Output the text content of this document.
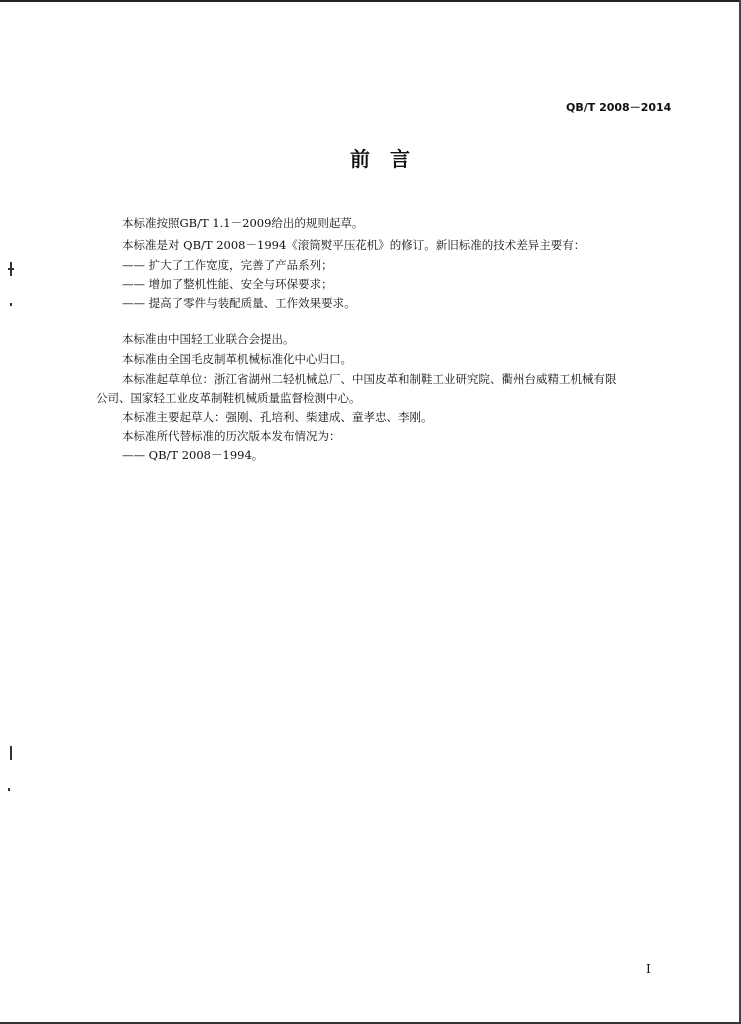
QB/T 2008－2014
前言
本标准按照GB/T 1.1－2009给出的规则起草。
本标准是对 QB/T 2008－1994《滚筒熨平压花机》的修订。新旧标准的技术差异主要有：
—— 扩大了工作宽度，完善了产品系列；
—— 增加了整机性能、安全与环保要求；
—— 提高了零件与装配质量、工作效果要求。
本标准由中国轻工业联合会提出。
本标准由全国毛皮制革机械标准化中心归口。
本标准起草单位：浙江省湖州二轻机械总厂、中国皮革和制鞋工业研究院、衢州台威精工机械有限
公司、国家轻工业皮革制鞋机械质量监督检测中心。
本标准主要起草人：强刚、孔培利、柴建成、童孝忠、李刚。
本标准所代替标准的历次版本发布情况为：
—— QB/T 2008－1994。
I
